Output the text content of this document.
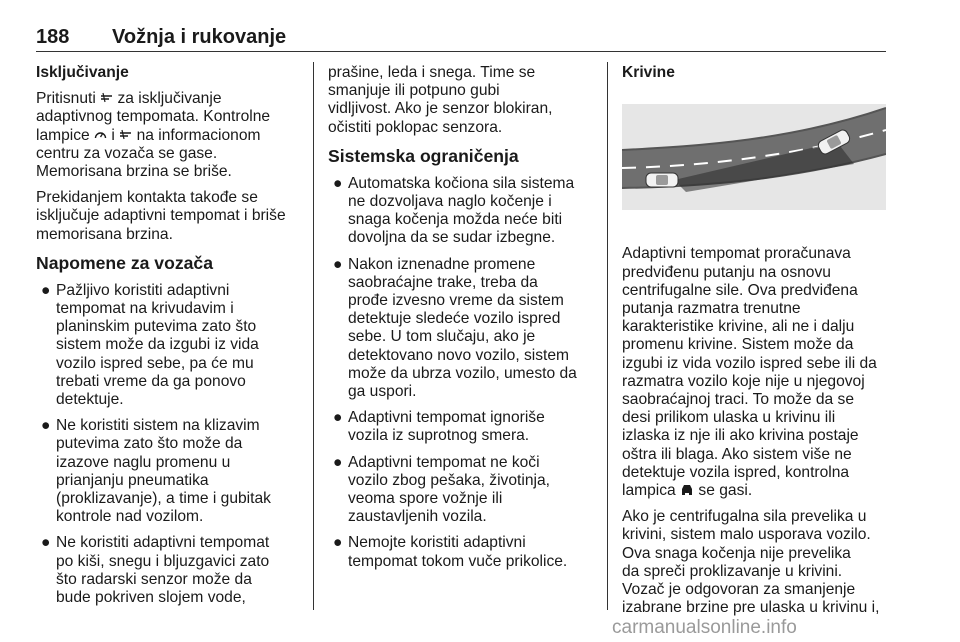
188 Vožnja i rukovanje
Isključivanje

Pritisnuti za isključivanje
adaptivnog tempomata. Kontrolne
lampice i na informacionom
centru za vozača se gase.
Memorisana brzina se briše.

Prekidanjem kontakta takođe se
isključuje adaptivni tempomat i briše
memorisana brzina.

Napomene za vozača
● Pažljivo koristiti adaptivni
tempomat na krivudavim i
planinskim putevima zato što
sistem može da izgubi iz vida
vozilo ispred sebe, pa će mu
trebati vreme da ga ponovo
detektuje.
● Ne koristiti sistem na klizavim
putevima zato što može da
izazove naglu promenu u
prianjanju pneumatika
(proklizavanje), a time i gubitak
kontrole nad vozilom.
● Ne koristiti adaptivni tempomat
po kiši, snegu i bljuzgavici zato
što radarski senzor može da
bude pokriven slojem vode,

prašine, leda i snega. Time se
smanjuje ili potpuno gubi
vidljivost. Ako je senzor blokiran,
očistiti poklopac senzora.

Sistemska ograničenja
● Automatska kočiona sila sistema
ne dozvoljava naglo kočenje i
snaga kočenja možda neće biti
dovoljna da se sudar izbegne.
● Nakon iznenadne promene
saobraćajne trake, treba da
prođe izvesno vreme da sistem
detektuje sledeće vozilo ispred
sebe. U tom slučaju, ako je
detektovano novo vozilo, sistem
može da ubrza vozilo, umesto da
ga uspori.
● Adaptivni tempomat ignoriše
vozila iz suprotnog smera.
● Adaptivni tempomat ne koči
vozilo zbog pešaka, životinja,
veoma spore vožnje ili
zaustavljenih vozila.
● Nemojte koristiti adaptivni
tempomat tokom vuče prikolice.
Krivine

Adaptivni tempomat proračunava
predviđenu putanju na osnovu
centrifugalne sile. Ova predviđena
putanja razmatra trenutne
karakteristike krivine, ali ne i dalju
promenu krivine. Sistem može da
izgubi iz vida vozilo ispred sebe ili da
razmatra vozilo koje nije u njegovoj
saobraćajnoj traci. To može da se
desi prilikom ulaska u krivinu ili
izlaska iz nje ili ako krivina postaje
oštra ili blaga. Ako sistem više ne
detektuje vozila ispred, kontrolna
lampica se gasi.

Ako je centrifugalna sila prevelika u
krivini, sistem malo usporava vozilo.
Ova snaga kočenja nije prevelika
da spreči proklizavanje u krivini.
Vozač je odgovoran za smanjenje
izabrane brzine pre ulaska u krivinu i,

carmanualsonline.info
